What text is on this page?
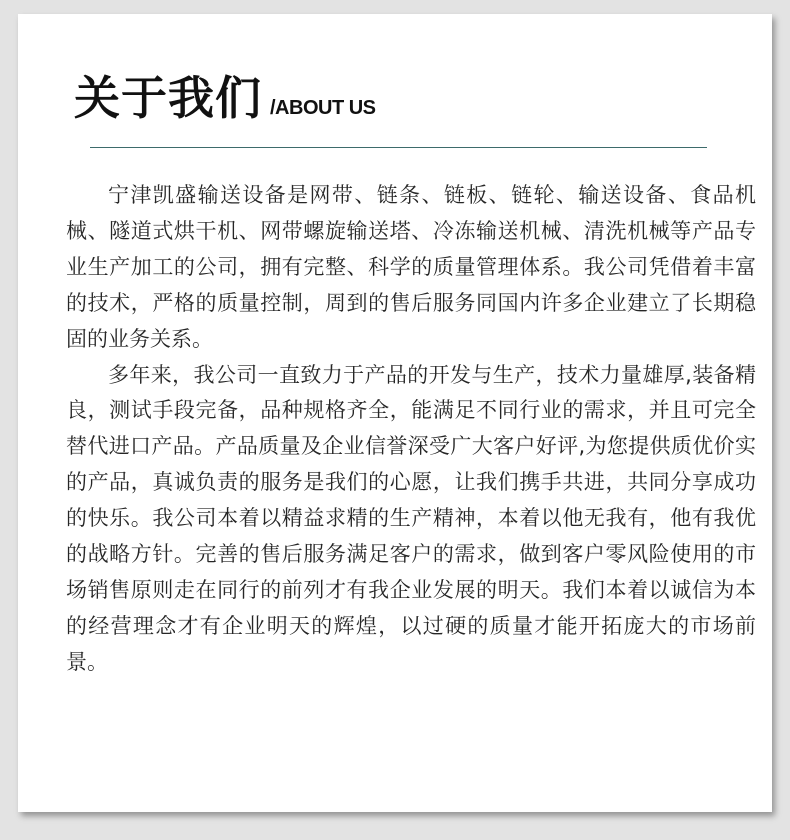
关于我们 /ABOUT US

宁津凯盛输送设备是网带、链条、链板、链轮、输送设备、食品机械、隧道式烘干机、网带螺旋输送塔、冷冻输送机械、清洗机械等产品专业生产加工的公司，拥有完整、科学的质量管理体系。我公司凭借着丰富的技术，严格的质量控制，周到的售后服务同国内许多企业建立了长期稳固的业务关系。

多年来，我公司一直致力于产品的开发与生产，技术力量雄厚,装备精良，测试手段完备，品种规格齐全，能满足不同行业的需求，并且可完全替代进口产品。产品质量及企业信誉深受广大客户好评,为您提供质优价实的产品，真诚负责的服务是我们的心愿，让我们携手共进，共同分享成功的快乐。我公司本着以精益求精的生产精神，本着以他无我有，他有我优的战略方针。完善的售后服务满足客户的需求，做到客户零风险使用的市场销售原则走在同行的前列才有我企业发展的明天。我们本着以诚信为本的经营理念才有企业明天的辉煌，以过硬的质量才能开拓庞大的市场前景。
